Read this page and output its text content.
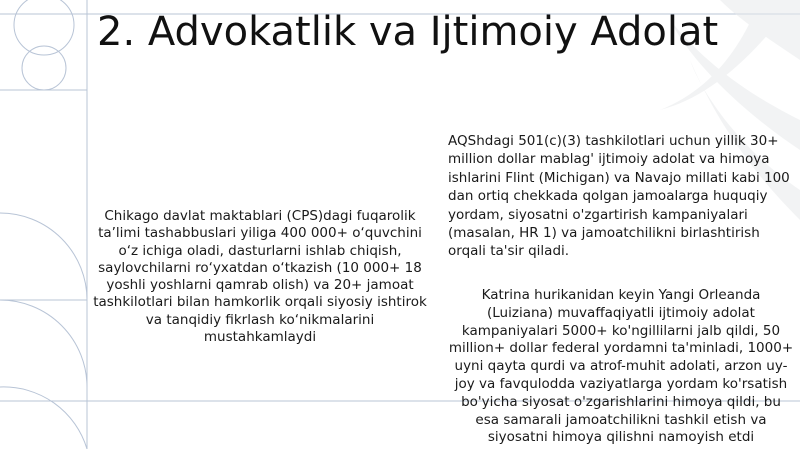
2. Advokatlik va Ijtimoiy Adolat
Chikago davlat maktablari (CPS)dagi fuqarolik ta’limi tashabbuslari yiliga 400 000+ o‘quvchini o‘z ichiga oladi, dasturlarni ishlab chiqish, saylovchilarni ro‘yxatdan o‘tkazish (10 000+ 18 yoshli yoshlarni qamrab olish) va 20+ jamoat tashkilotlari bilan hamkorlik orqali siyosiy ishtirok va tanqidiy fikrlash ko‘nikmalarini mustahkamlaydi
AQShdagi 501(c)(3) tashkilotlari uchun yillik 30+ million dollar mablag' ijtimoiy adolat va himoya ishlarini Flint (Michigan) va Navajo millati kabi 100 dan ortiq chekkada qolgan jamoalarga huquqiy yordam, siyosatni o'zgartirish kampaniyalari (masalan, HR 1) va jamoatchilikni birlashtirish orqali ta'sir qiladi.
Katrina hurikanidan keyin Yangi Orleanda (Luiziana) muvaffaqiyatli ijtimoiy adolat kampaniyalari 5000+ ko'ngillilarni jalb qildi, 50 million+ dollar federal yordamni ta'minladi, 1000+ uyni qayta qurdi va atrof-muhit adolati, arzon uy-joy va favqulodda vaziyatlarga yordam ko'rsatish bo'yicha siyosat o'zgarishlarini himoya qildi, bu esa samarali jamoatchilikni tashkil etish va siyosatni himoya qilishni namoyish etdi
